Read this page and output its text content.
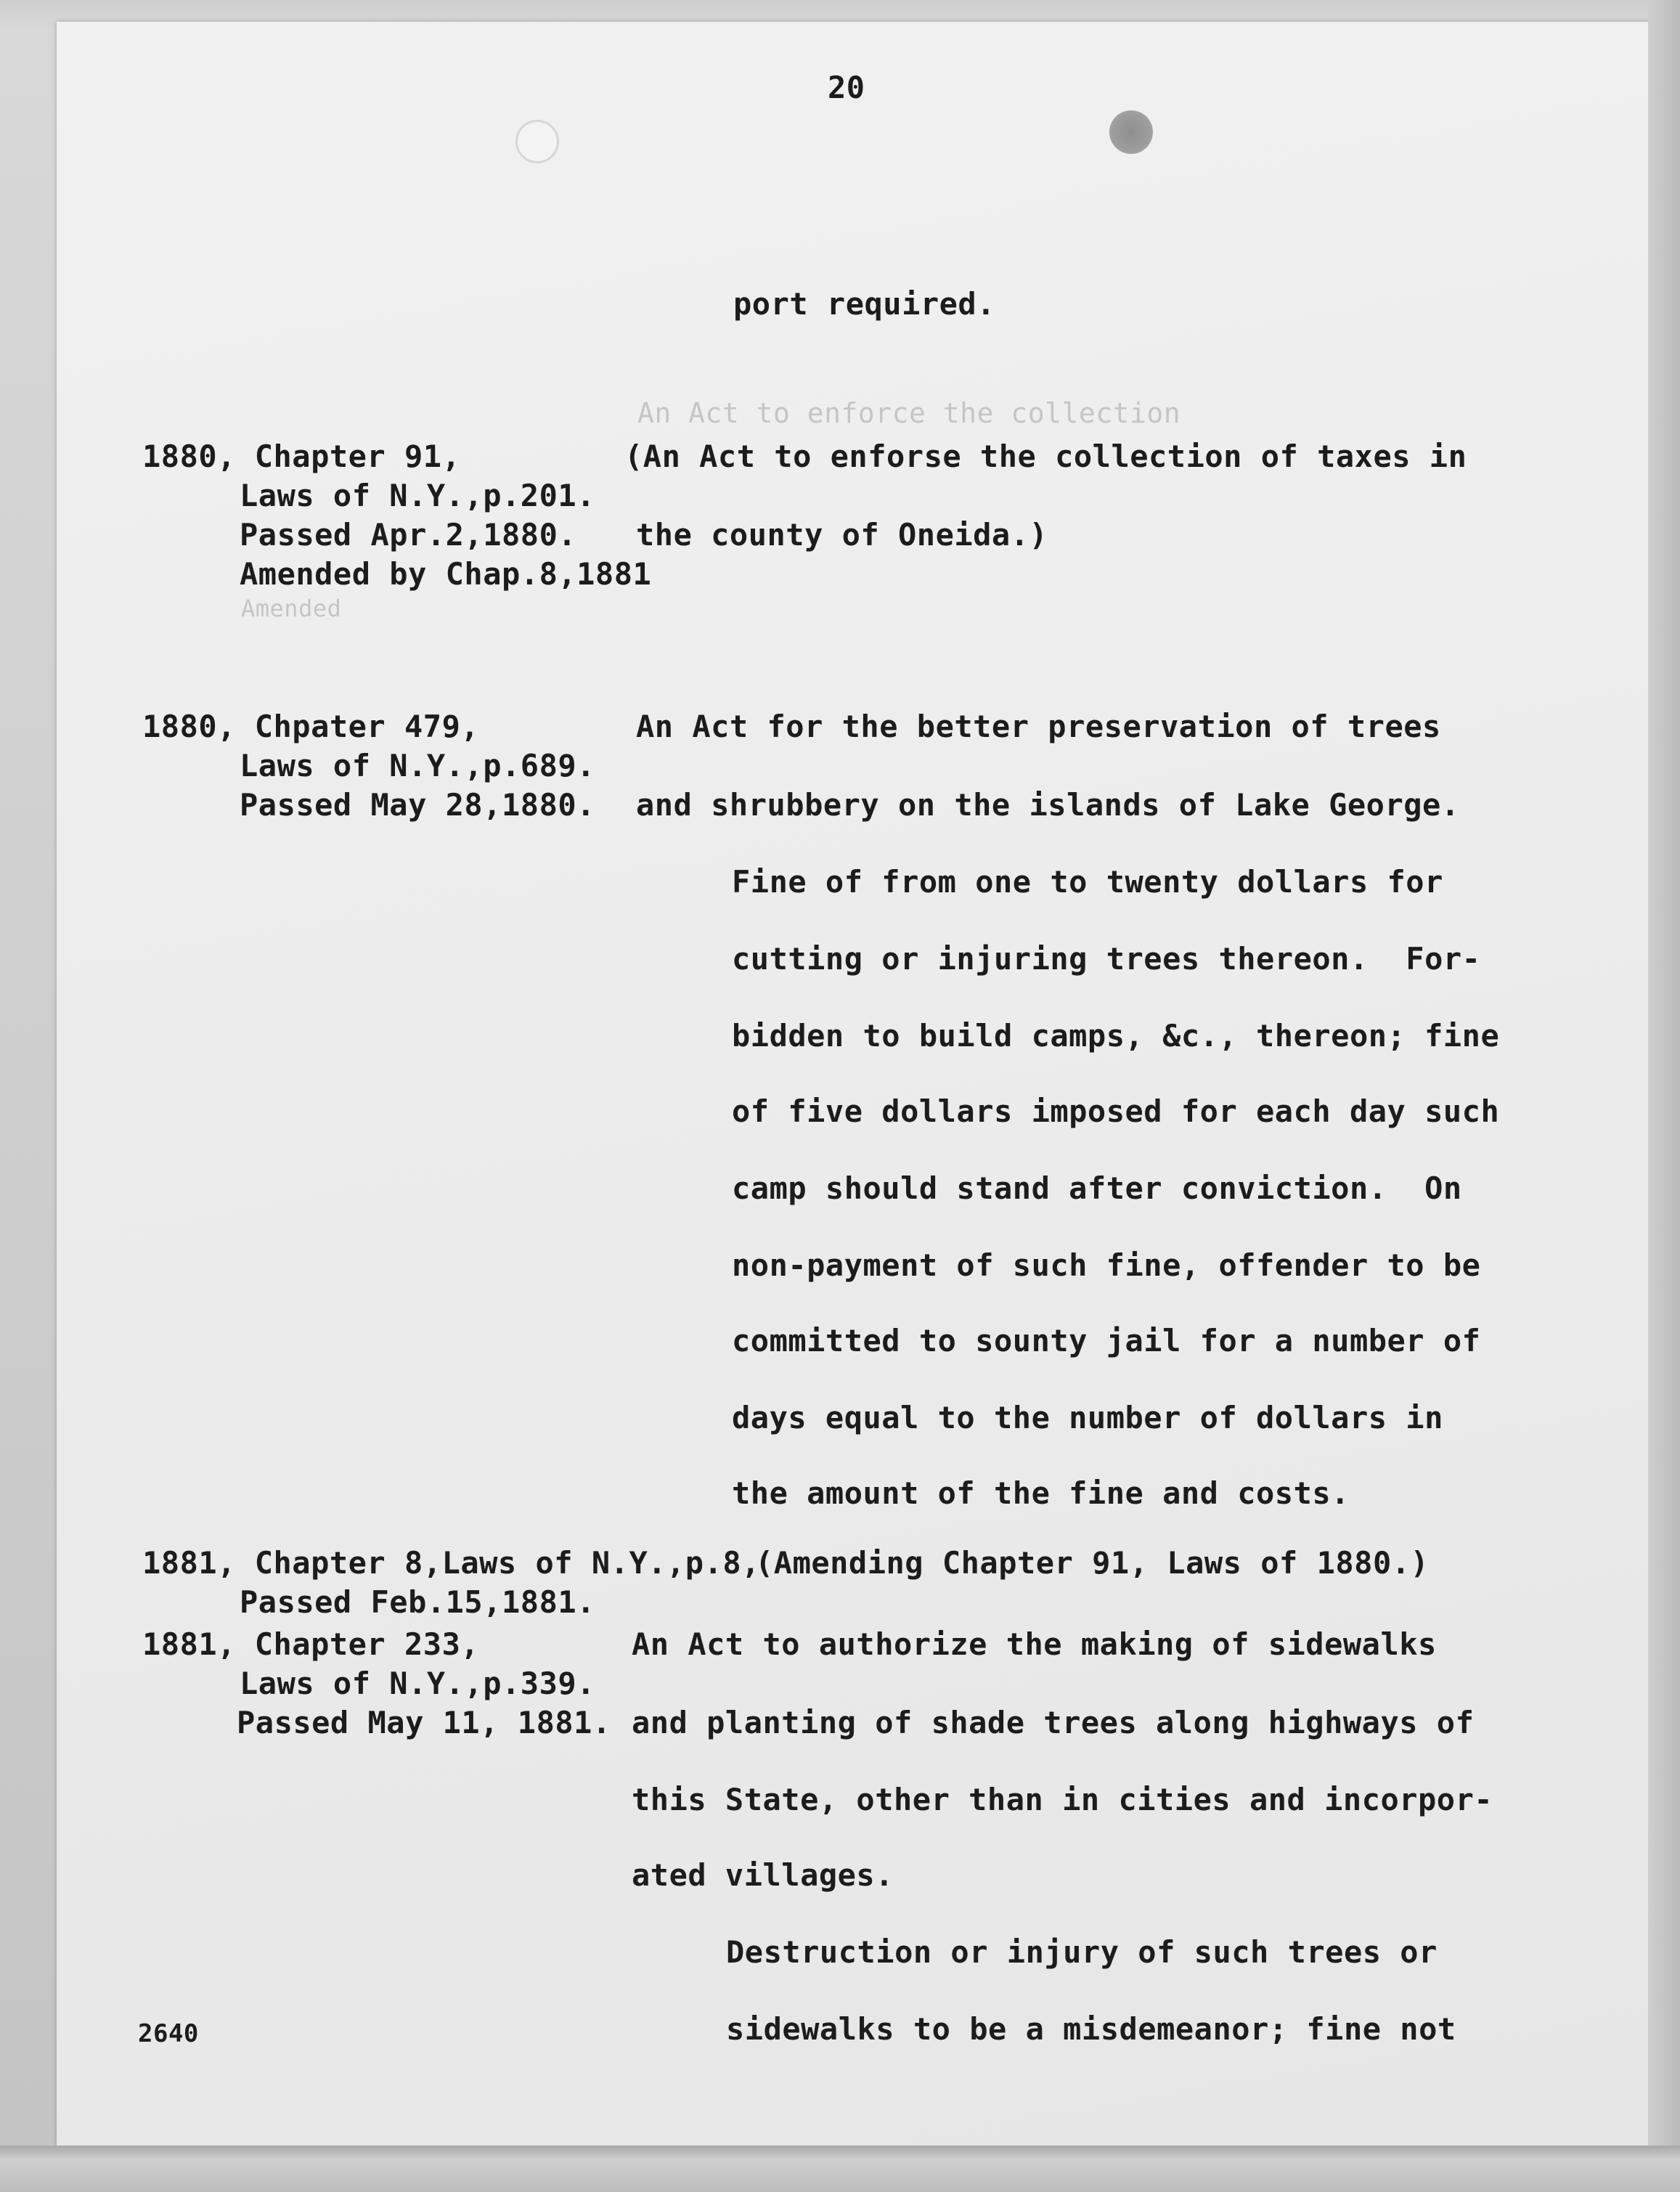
20
port required.
An Act to enforce the collection
Amended
1880, Chapter 91,
Laws of N.Y.,p.201.
Passed Apr.2,1880.
Amended by Chap.8,1881
(An Act to enforse the collection of taxes in
the county of Oneida.)
1880, Chpater 479,
Laws of N.Y.,p.689.
Passed May 28,1880.
An Act for the better preservation of trees
and shrubbery on the islands of Lake George.
Fine of from one to twenty dollars for
cutting or injuring trees thereon.  For-
bidden to build camps, &c., thereon; fine
of five dollars imposed for each day such
camp should stand after conviction.  On
non-payment of such fine, offender to be
committed to sounty jail for a number of
days equal to the number of dollars in
the amount of the fine and costs.
1881, Chapter 8,Laws of N.Y.,p.8,
Passed Feb.15,1881.
(Amending Chapter 91, Laws of 1880.)
1881, Chapter 233,
Laws of N.Y.,p.339.
Passed May 11, 1881.
An Act to authorize the making of sidewalks
and planting of shade trees along highways of
this State, other than in cities and incorpor-
ated villages.
Destruction or injury of such trees or
sidewalks to be a misdemeanor; fine not
2640
